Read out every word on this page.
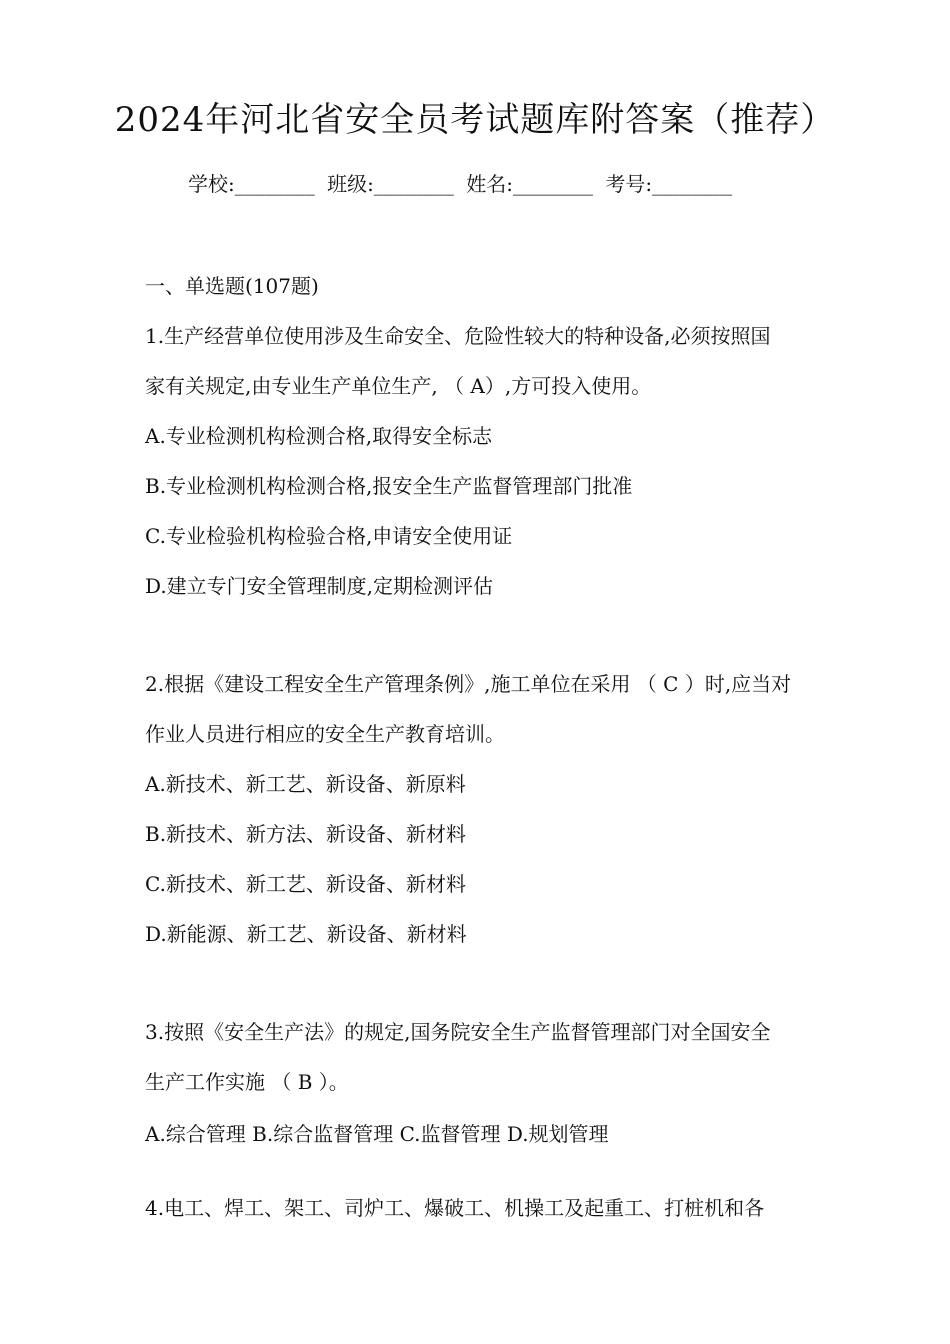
2024年河北省安全员考试题库附答案（推荐）
学校:________ 班级:________ 姓名:________ 考号:________
一、单选题(107题)
1.生产经营单位使用涉及生命安全、危险性较大的特种设备,必须按照国
家有关规定,由专业生产单位生产, （ A）,方可投入使用。
A.专业检测机构检测合格,取得安全标志
B.专业检测机构检测合格,报安全生产监督管理部门批准
C.专业检验机构检验合格,申请安全使用证
D.建立专门安全管理制度,定期检测评估
2.根据《建设工程安全生产管理条例》,施工单位在采用 （ C ）时,应当对
作业人员进行相应的安全生产教育培训。
A.新技术、新工艺、新设备、新原料
B.新技术、新方法、新设备、新材料
C.新技术、新工艺、新设备、新材料
D.新能源、新工艺、新设备、新材料
3.按照《安全生产法》的规定,国务院安全生产监督管理部门对全国安全
生产工作实施 （ B ）。
A.综合管理 B.综合监督管理 C.监督管理 D.规划管理
4.电工、焊工、架工、司炉工、爆破工、机操工及起重工、打桩机和各
